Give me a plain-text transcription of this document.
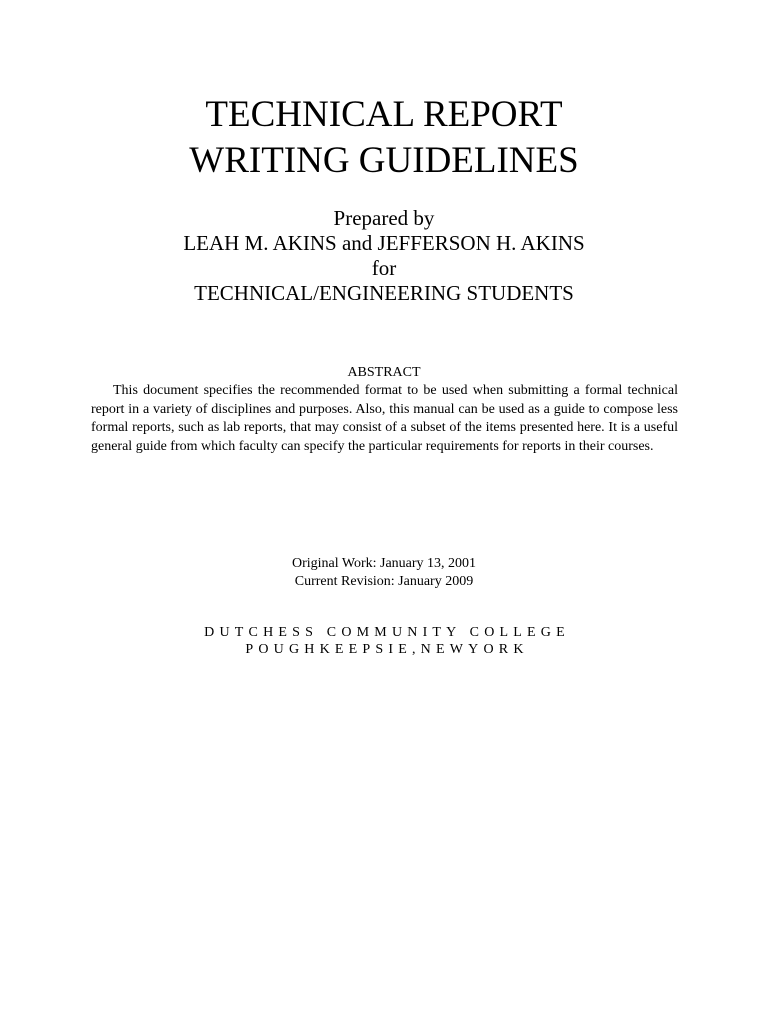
TECHNICAL REPORT
WRITING GUIDELINES
Prepared by
LEAH M. AKINS and JEFFERSON H. AKINS
for
TECHNICAL/ENGINEERING STUDENTS
ABSTRACT
This document specifies the recommended format to be used when submitting a formal technical report in a variety of disciplines and purposes. Also, this manual can be used as a guide to compose less formal reports, such as lab reports, that may consist of a subset of the items presented here. It is a useful general guide from which faculty can specify the particular requirements for reports in their courses.
Original Work: January 13, 2001
Current Revision: January 2009
DUTCHESS COMMUNITY COLLEGE
POUGHKEEPSIE,NEWYORK
